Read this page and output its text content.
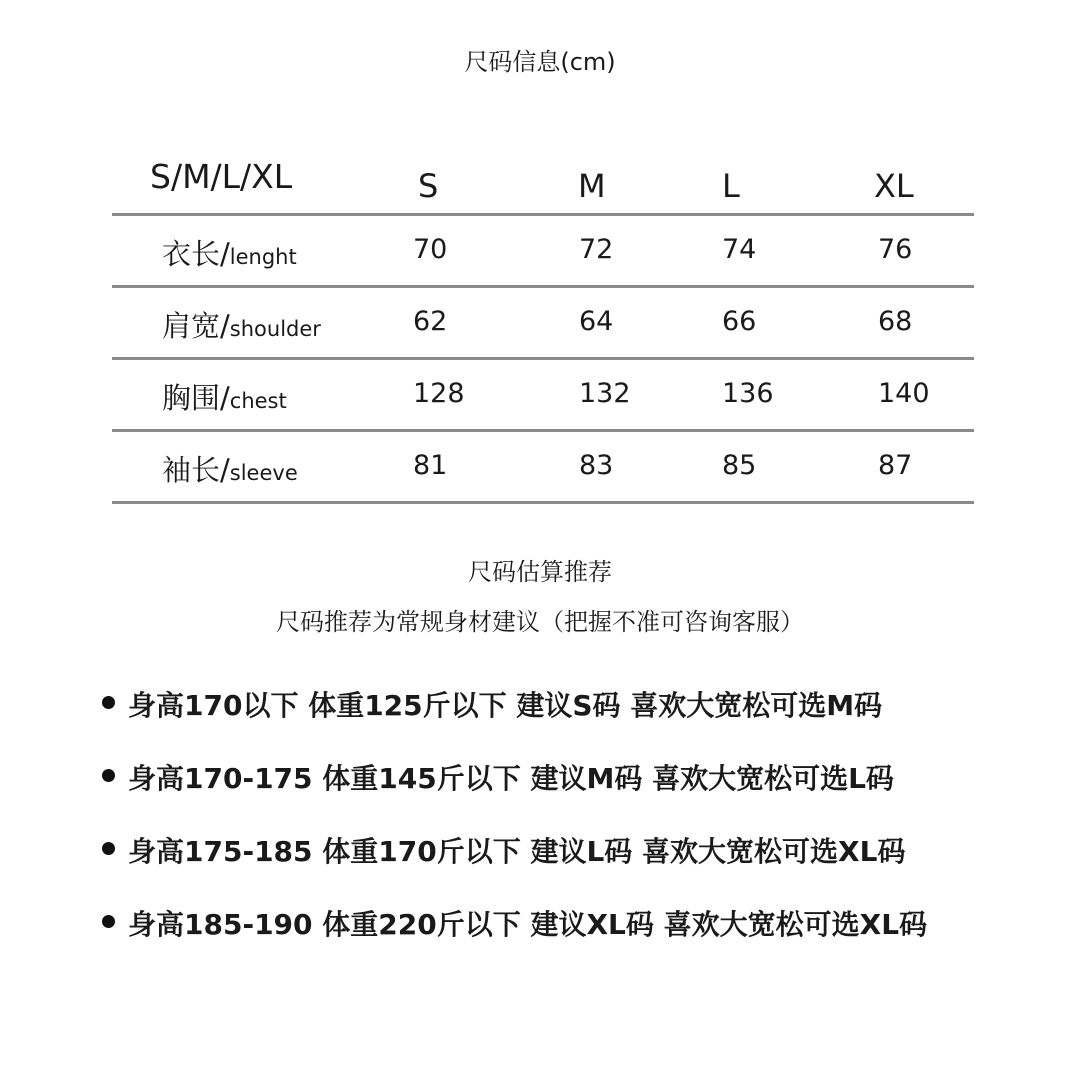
尺码信息(cm)
S/M/L/XL	S	M	L	XL
衣长/lenght	70	72	74	76
肩宽/shoulder	62	64	66	68
胸围/chest	128	132	136	140
袖长/sleeve	81	83	85	87
尺码估算推荐
尺码推荐为常规身材建议（把握不准可咨询客服）
身高170以下 体重125斤以下 建议S码 喜欢大宽松可选M码
身高170-175 体重145斤以下 建议M码 喜欢大宽松可选L码
身高175-185 体重170斤以下 建议L码 喜欢大宽松可选XL码
身高185-190 体重220斤以下 建议XL码 喜欢大宽松可选XL码
